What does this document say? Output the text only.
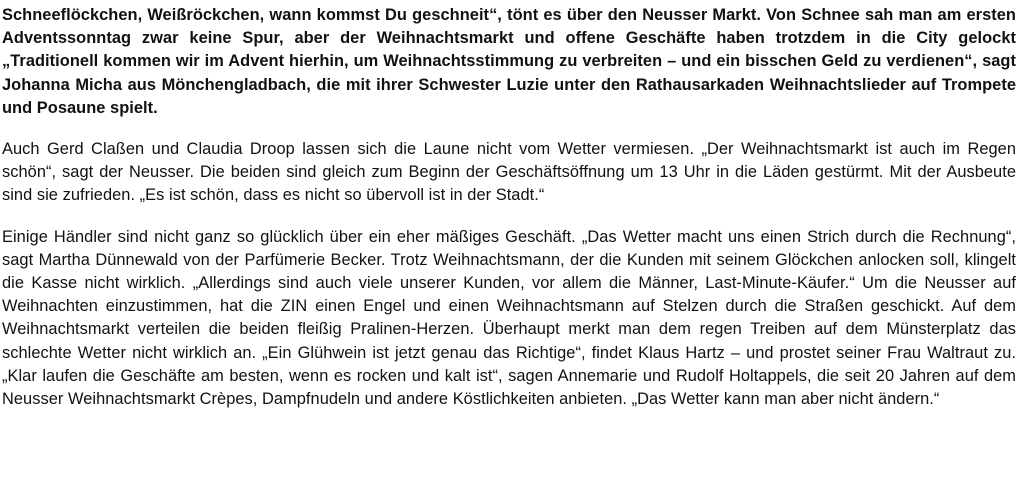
Schneeflöckchen, Weißröckchen, wann kommst Du geschneit“, tönt es über den Neusser Markt. Von Schnee sah man am ersten Adventssonntag zwar keine Spur, aber der Weihnachtsmarkt und offene Geschäfte haben trotzdem in die City gelockt „Traditionell kommen wir im Advent hierhin, um Weihnachtsstimmung zu verbreiten – und ein bisschen Geld zu verdienen“, sagt Johanna Micha aus Mönchengladbach, die mit ihrer Schwester Luzie unter den Rathausarkaden Weihnachtslieder auf Trompete und Posaune spielt.

Auch Gerd Claßen und Claudia Droop lassen sich die Laune nicht vom Wetter vermiesen. „Der Weihnachtsmarkt ist auch im Regen schön“, sagt der Neusser. Die beiden sind gleich zum Beginn der Geschäftsöffnung um 13 Uhr in die Läden gestürmt. Mit der Ausbeute sind sie zufrieden. „Es ist schön, dass es nicht so übervoll ist in der Stadt.“

Einige Händler sind nicht ganz so glücklich über ein eher mäßiges Geschäft. „Das Wetter macht uns einen Strich durch die Rechnung“, sagt Martha Dünnewald von der Parfümerie Becker. Trotz Weihnachtsmann, der die Kunden mit seinem Glöckchen anlocken soll, klingelt die Kasse nicht wirklich. „Allerdings sind auch viele unserer Kunden, vor allem die Männer, Last-Minute-Käufer.“ Um die Neusser auf Weihnachten einzustimmen, hat die ZIN einen Engel und einen Weihnachtsmann auf Stelzen durch die Straßen geschickt. Auf dem Weihnachtsmarkt verteilen die beiden fleißig Pralinen-Herzen. Überhaupt merkt man dem regen Treiben auf dem Münsterplatz das schlechte Wetter nicht wirklich an. „Ein Glühwein ist jetzt genau das Richtige“, findet Klaus Hartz – und prostet seiner Frau Waltraut zu. „Klar laufen die Geschäfte am besten, wenn es rocken und kalt ist“, sagen Annemarie und Rudolf Holtappels, die seit 20 Jahren auf dem Neusser Weihnachtsmarkt Crèpes, Dampfnudeln und andere Köstlichkeiten anbieten. „Das Wetter kann man aber nicht ändern.“
